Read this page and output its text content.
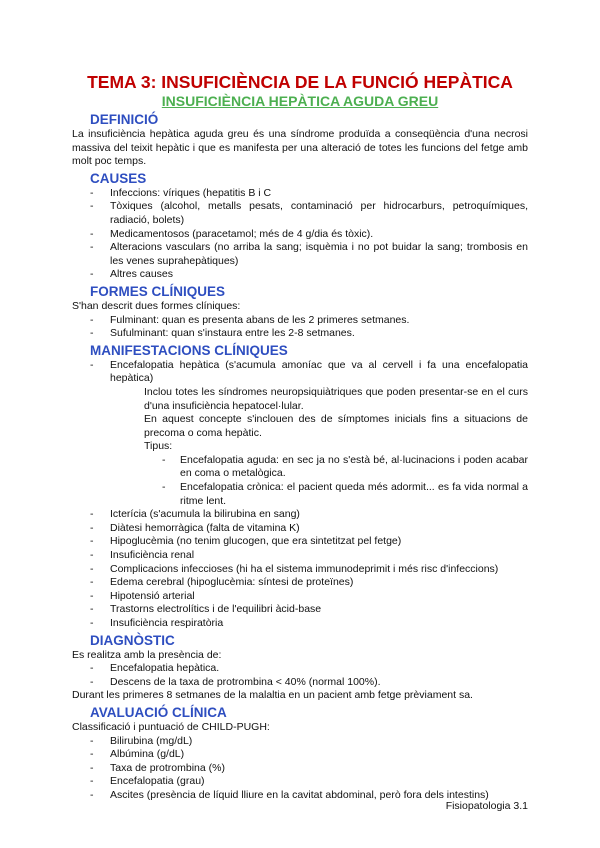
TEMA 3: INSUFICIÈNCIA DE LA FUNCIÓ HEPÀTICA
INSUFICIÈNCIA HEPÀTICA AGUDA GREU
DEFINICIÓ

La insuficiència hepàtica aguda greu és una síndrome produïda a conseqüència d'una necrosi massiva del teixit hepàtic i que es manifesta per una alteració de totes les funcions del fetge amb molt poc temps.

CAUSES
- Infeccions: víriques (hepatitis B i C
- Tòxiques (alcohol, metalls pesats, contaminació per hidrocarburs, petroquímiques, radiació, bolets)
- Medicamentosos (paracetamol; més de 4 g/dia és tòxic).
- Alteracions vasculars (no arriba la sang; isquèmia i no pot buidar la sang; trombosis en les venes suprahepàtiques)
- Altres causes
FORMES CLÍNIQUES

S'han descrit dues formes clíniques:

- Fulminant: quan es presenta abans de les 2 primeres setmanes.
- Sufulminant: quan s'instaura entre les 2-8 setmanes.
MANIFESTACIONS CLÍNIQUES
- Encefalopatia hepàtica (s'acumula amoníac que va al cervell i fa una encefalopatia hepàtica)

Inclou totes les síndromes neuropsiquiàtriques que poden presentar-se en el curs d'una insuficiència hepatocel·lular.

En aquest concepte s'inclouen des de símptomes inicials fins a situacions de precoma o coma hepàtic.

Tipus:

- Encefalopatia aguda: en sec ja no s'està bé, al·lucinacions i poden acabar en coma o metalògica.
- Encefalopatia crònica: el pacient queda més adormit... es fa vida normal a ritme lent.
- Icterícia (s'acumula la bilirubina en sang)
- Diàtesi hemorràgica (falta de vitamina K)
- Hipoglucèmia (no tenim glucogen, que era sintetitzat pel fetge)
- Insuficiència renal
- Complicacions infeccioses (hi ha el sistema immunodeprimit i més risc d'infeccions)
- Edema cerebral (hipoglucèmia: síntesi de proteïnes)
- Hipotensió arterial
- Trastorns electrolítics i de l'equilibri àcid-base
- Insuficiència respiratòria
DIAGNÒSTIC

Es realitza amb la presència de:

- Encefalopatia hepàtica.
- Descens de la taxa de protrombina < 40% (normal 100%).

Durant les primeres 8 setmanes de la malaltia en un pacient amb fetge prèviament sa.

AVALUACIÓ CLÍNICA

Classificació i puntuació de CHILD-PUGH:

- Bilirubina (mg/dL)
- Albúmina (g/dL)
- Taxa de protrombina (%)
- Encefalopatia (grau)
- Ascites (presència de líquid lliure en la cavitat abdominal, però fora dels intestins)
Fisiopatologia 3.1
